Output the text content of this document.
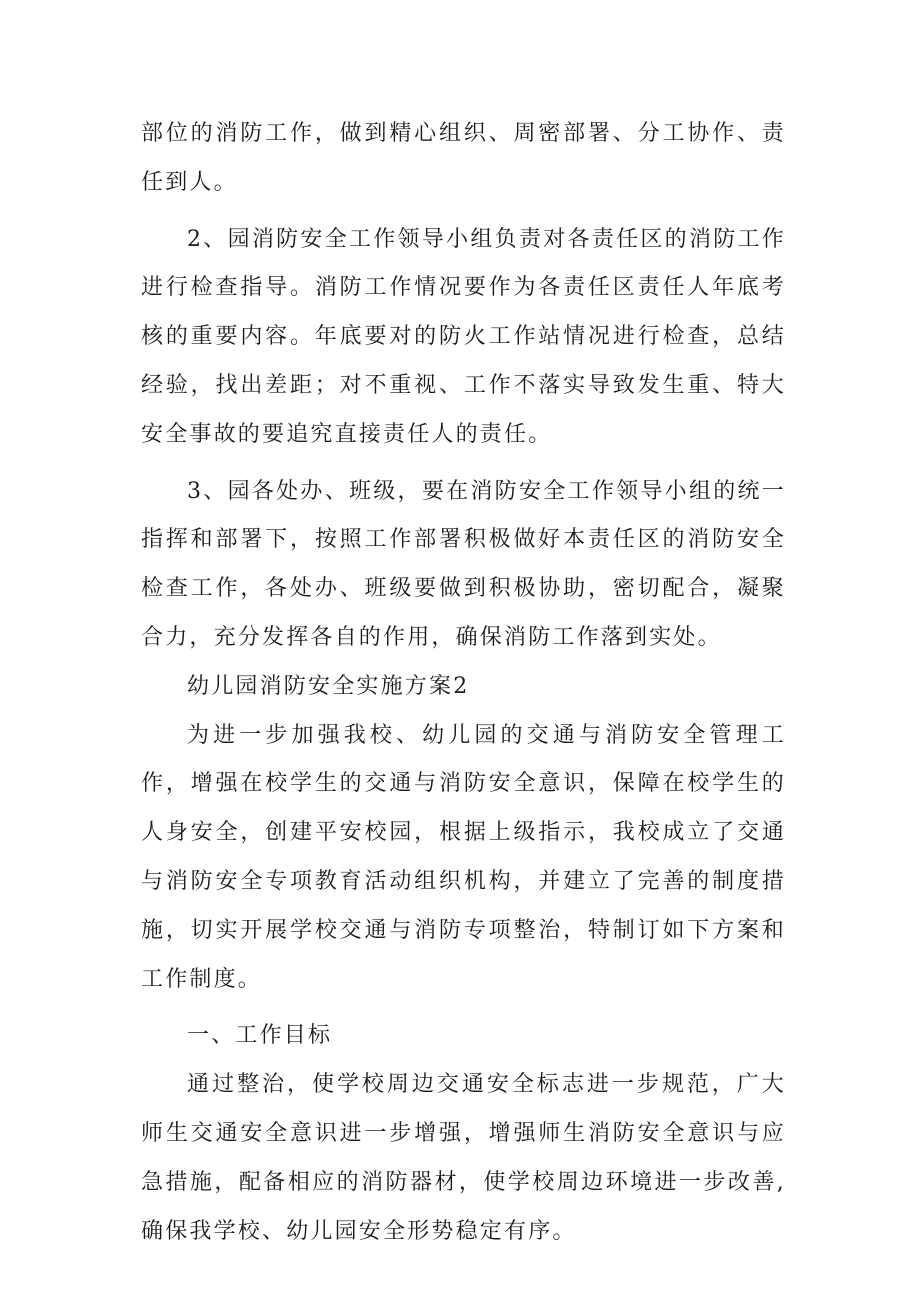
部位的消防工作，做到精心组织、周密部署、分工协作、责任到人。

2、园消防安全工作领导小组负责对各责任区的消防工作进行检查指导。消防工作情况要作为各责任区责任人年底考核的重要内容。年底要对的防火工作站情况进行检查，总结经验，找出差距；对不重视、工作不落实导致发生重、特大安全事故的要追究直接责任人的责任。

3、园各处办、班级，要在消防安全工作领导小组的统一指挥和部署下，按照工作部署积极做好本责任区的消防安全检查工作，各处办、班级要做到积极协助，密切配合，凝聚合力，充分发挥各自的作用，确保消防工作落到实处。

幼儿园消防安全实施方案2

为进一步加强我校、幼儿园的交通与消防安全管理工作，增强在校学生的交通与消防安全意识，保障在校学生的人身安全，创建平安校园，根据上级指示，我校成立了交通与消防安全专项教育活动组织机构，并建立了完善的制度措施，切实开展学校交通与消防专项整治，特制订如下方案和工作制度。

一、工作目标

通过整治，使学校周边交通安全标志进一步规范，广大师生交通安全意识进一步增强，增强师生消防安全意识与应急措施，配备相应的消防器材，使学校周边环境进一步改善,确保我学校、幼儿园安全形势稳定有序。
